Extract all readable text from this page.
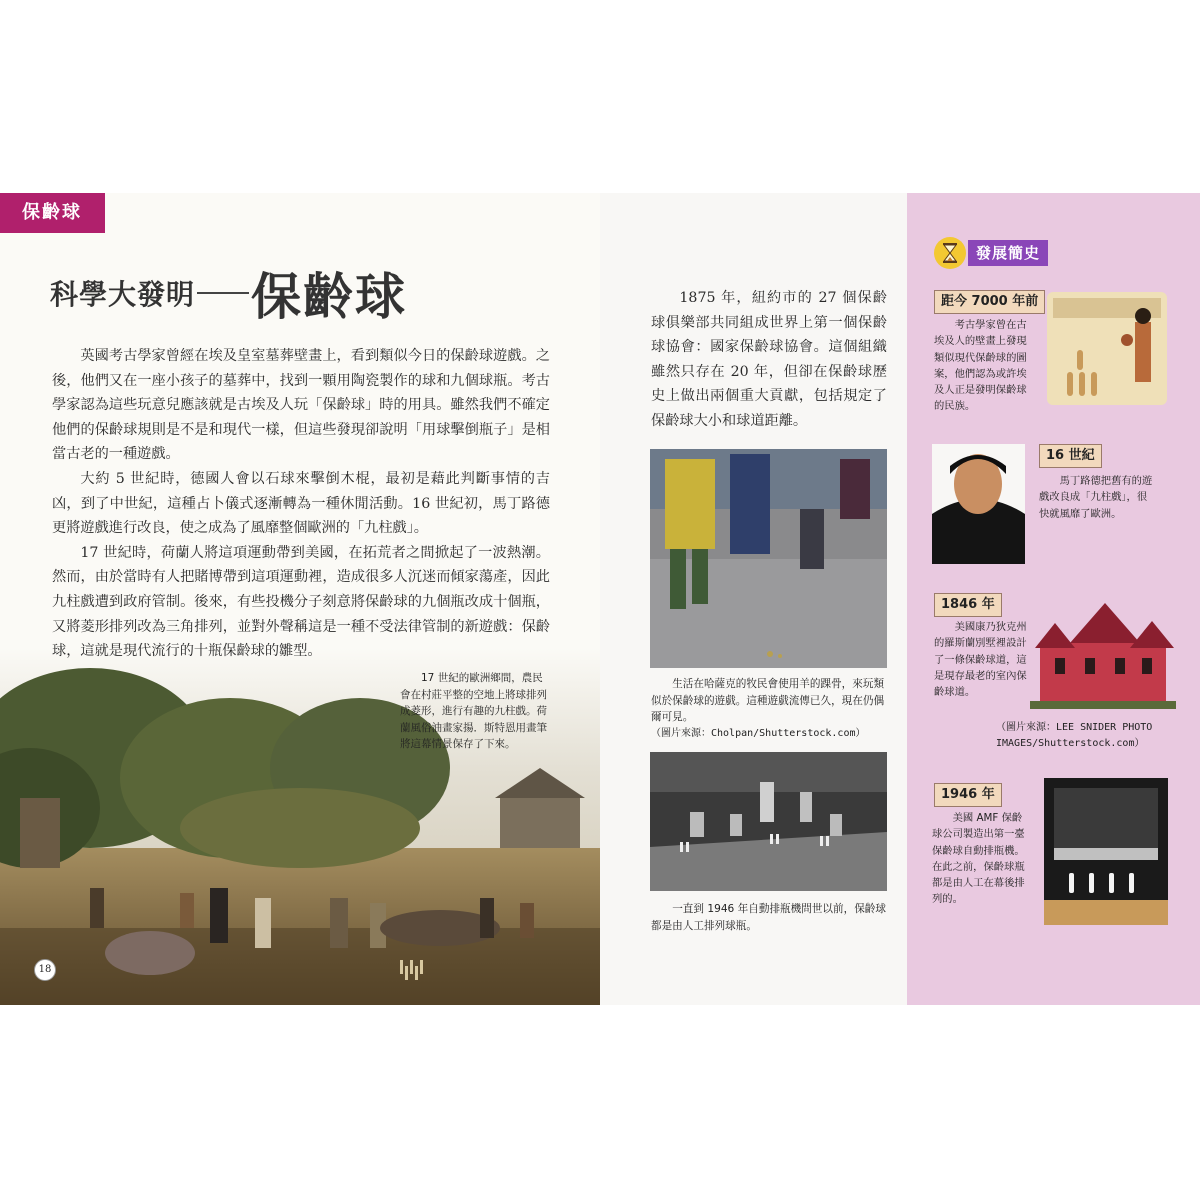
保齡球
科學大發明 保齡球

英國考古學家曾經在埃及皇室墓葬壁畫上，看到類似今日的保齡球遊戲。之後，他們又在一座小孩子的墓葬中，找到一顆用陶瓷製作的球和九個球瓶。考古學家認為這些玩意兒應該就是古埃及人玩「保齡球」時的用具。雖然我們不確定他們的保齡球規則是不是和現代一樣，但這些發現卻說明「用球擊倒瓶子」是相當古老的一種遊戲。

大約 5 世紀時，德國人會以石球來擊倒木棍，最初是藉此判斷事情的吉凶，到了中世紀，這種占卜儀式逐漸轉為一種休閒活動。16 世紀初，馬丁路德更將遊戲進行改良，使之成為了風靡整個歐洲的「九柱戲」。

17 世紀時，荷蘭人將這項運動帶到美國，在拓荒者之間掀起了一波熱潮。然而，由於當時有人把賭博帶到這項運動裡，造成很多人沉迷而傾家蕩產，因此九柱戲遭到政府管制。後來，有些投機分子刻意將保齡球的九個瓶改成十個瓶，又將菱形排列改為三角排列，並對外聲稱這是一種不受法律管制的新遊戲：保齡球，這就是現代流行的十瓶保齡球的雛型。

17 世紀的歐洲鄉間，農民會在村莊平整的空地上將球排列成菱形，進行有趣的九柱戲。荷蘭風俗油畫家揚．斯特恩用畫筆將這幕情景保存了下來。
18
1875 年，紐約市的 27 個保齡球俱樂部共同組成世界上第一個保齡球協會：國家保齡球協會。這個組織雖然只存在 20 年，但卻在保齡球歷史上做出兩個重大貢獻，包括規定了保齡球大小和球道距離。
生活在哈薩克的牧民會使用羊的踝骨，來玩類似於保齡球的遊戲。這種遊戲流傳已久，現在仍偶爾可見。
（圖片來源：Cholpan/Shutterstock.com）
一直到 1946 年自動排瓶機問世以前，保齡球都是由人工排列球瓶。
發展簡史
距今 7000 年前
考古學家曾在古埃及人的壁畫上發現類似現代保齡球的圖案，他們認為或許埃及人正是發明保齡球的民族。
16 世紀
馬丁路德把舊有的遊戲改良成「九柱戲」，很快就風靡了歐洲。
1846 年
美國康乃狄克州的羅斯蘭別墅裡設計了一條保齡球道，這是現存最老的室內保齡球道。
（圖片來源：LEE SNIDER PHOTO IMAGES/Shutterstock.com）
1946 年
美國 AMF 保齡球公司製造出第一臺保齡球自動排瓶機。在此之前，保齡球瓶都是由人工在幕後排列的。
